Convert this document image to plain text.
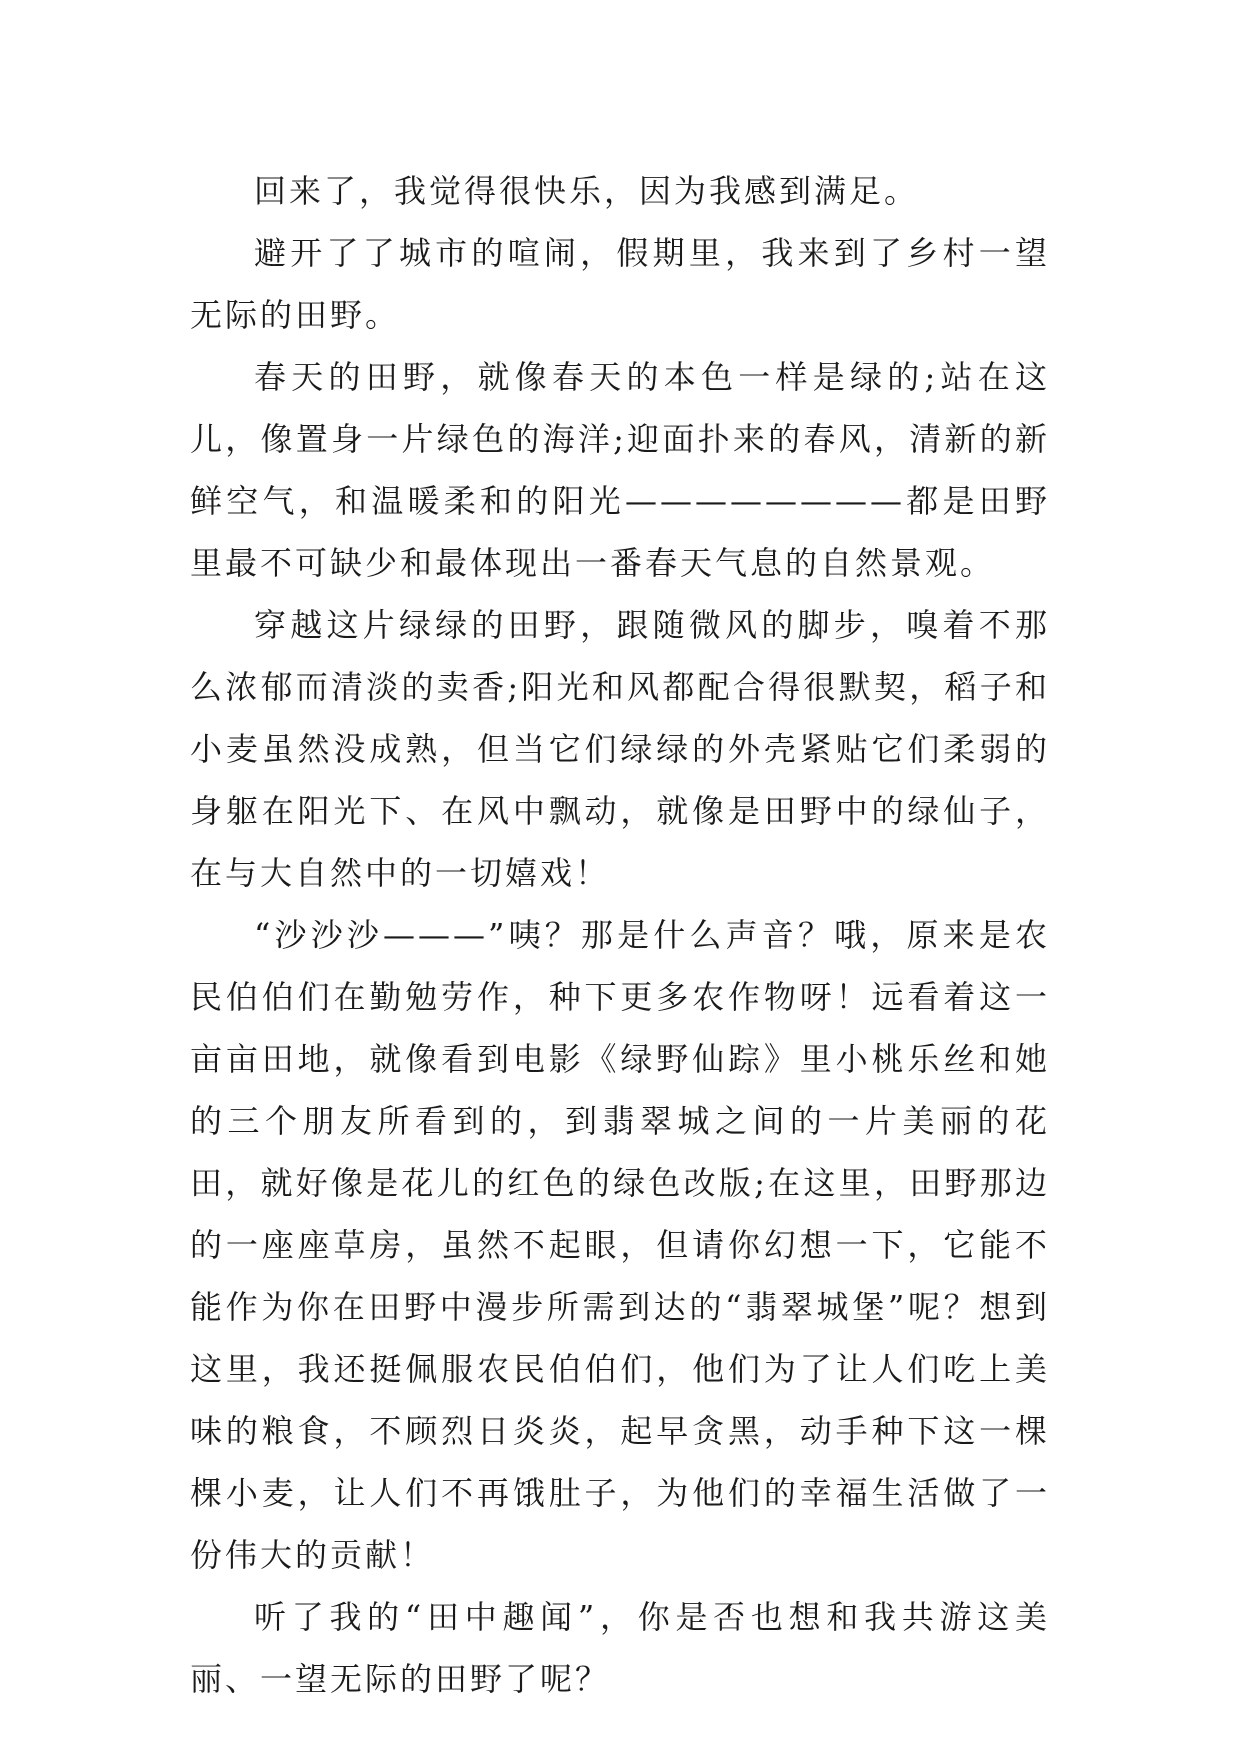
回来了，我觉得很快乐，因为我感到满足。

避开了了城市的喧闹，假期里，我来到了乡村一望无际的田野。

春天的田野，就像春天的本色一样是绿的;站在这儿，像置身一片绿色的海洋;迎面扑来的春风，清新的新鲜空气，和温暖柔和的阳光————————都是田野里最不可缺少和最体现出一番春天气息的自然景观。

穿越这片绿绿的田野，跟随微风的脚步，嗅着不那么浓郁而清淡的卖香;阳光和风都配合得很默契，稻子和小麦虽然没成熟，但当它们绿绿的外壳紧贴它们柔弱的身躯在阳光下、在风中飘动，就像是田野中的绿仙子，在与大自然中的一切嬉戏！

“沙沙沙———”咦？那是什么声音？哦，原来是农民伯伯们在勤勉劳作，种下更多农作物呀！远看着这一亩亩田地，就像看到电影《绿野仙踪》里小桃乐丝和她的三个朋友所看到的，到翡翠城之间的一片美丽的花田，就好像是花儿的红色的绿色改版;在这里，田野那边的一座座草房，虽然不起眼，但请你幻想一下，它能不能作为你在田野中漫步所需到达的“翡翠城堡”呢？想到这里，我还挺佩服农民伯伯们，他们为了让人们吃上美味的粮食，不顾烈日炎炎，起早贪黑，动手种下这一棵棵小麦，让人们不再饿肚子，为他们的幸福生活做了一份伟大的贡献！

听了我的“田中趣闻”，你是否也想和我共游这美丽、一望无际的田野了呢？
